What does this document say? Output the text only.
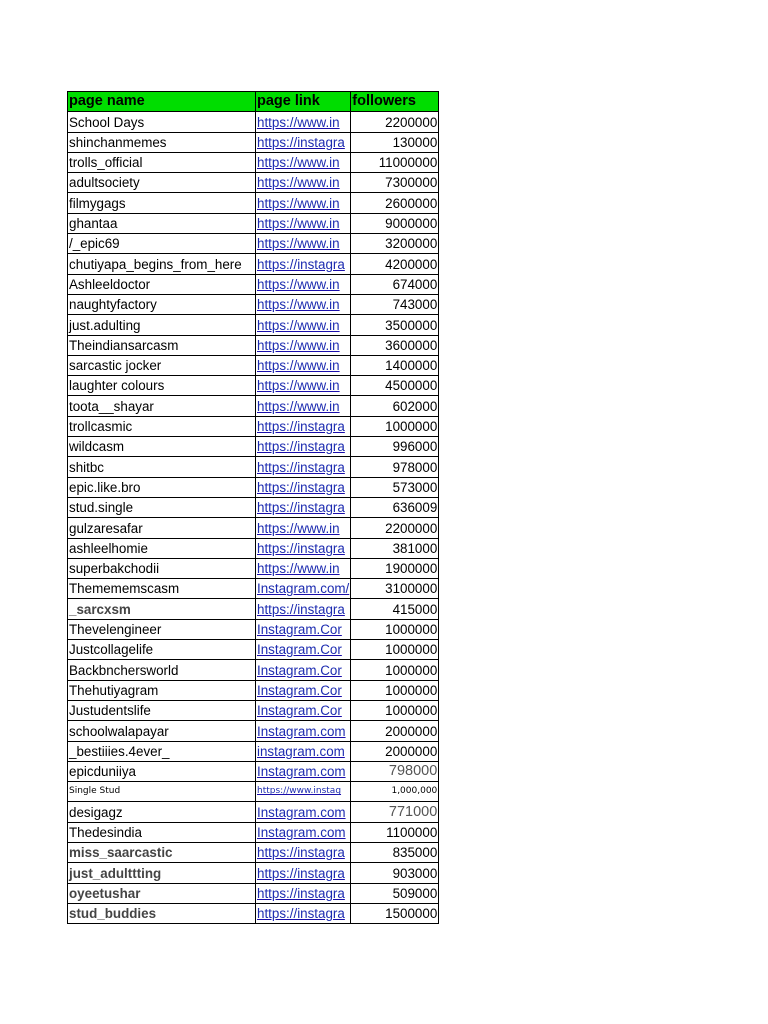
page name	page link	followers
School Days	https://www.in	2200000
shinchanmemes	https://instagra	130000
trolls_official	https://www.in	11000000
adultsociety	https://www.in	7300000
filmygags	https://www.in	2600000
ghantaa	https://www.in	9000000
/_epic69	https://www.in	3200000
chutiyapa_begins_from_here	https://instagra	4200000
Ashleeldoctor	https://www.in	674000
naughtyfactory	https://www.in	743000
just.adulting	https://www.in	3500000
Theindiansarcasm	https://www.in	3600000
sarcastic jocker	https://www.in	1400000
laughter colours	https://www.in	4500000
toota__shayar	https://www.in	602000
trollcasmic	https://instagra	1000000
wildcasm	https://instagra	996000
shitbc	https://instagra	978000
epic.like.bro	https://instagra	573000
stud.single	https://instagra	636009
gulzaresafar	https://www.in	2200000
ashleelhomie	https://instagra	381000
superbakchodii	https://www.in	1900000
Themememscasm	Instagram.com/	3100000
_sarcxsm	https://instagra	415000
Thevelengineer	Instagram.Cor	1000000
Justcollagelife	Instagram.Cor	1000000
Backbnchersworld	Instagram.Cor	1000000
Thehutiyagram	Instagram.Cor	1000000
Justudentslife	Instagram.Cor	1000000
schoolwalapayar	Instagram.com	2000000
_bestiiies.4ever_	instagram.com	2000000
epicduniiya	Instagram.com	798000
Single Stud	https://www.instag	1,000,000
desigagz	Instagram.com	771000
Thedesindia	Instagram.com	1100000
miss_saarcastic	https://instagra	835000
just_adulttting	https://instagra	903000
oyeetushar	https://instagra	509000
stud_buddies	https://instagra	1500000
